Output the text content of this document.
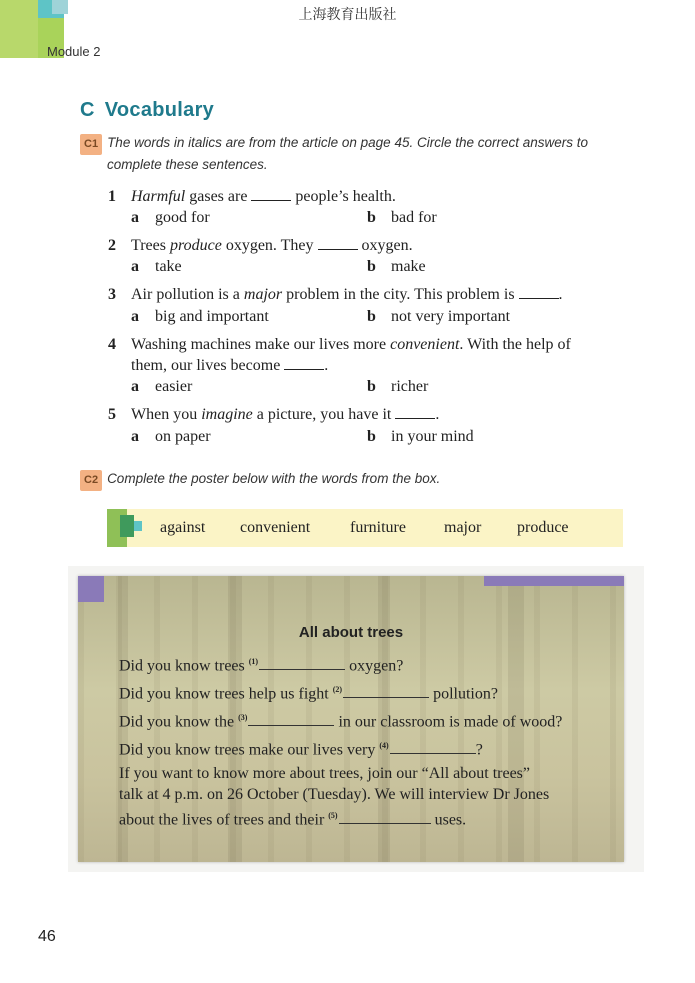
上海教育出版社
Module 2
C Vocabulary
C1 The words in italics are from the article on page 45. Circle the correct answers to
complete these sentences.
1 Harmful gases are	people’s health.
a good for	b bad for
2 Trees produce oxygen. They	oxygen.
a take	b make
3 Air pollution is a major problem in the city. This problem is	.
a big and important	b not very important
4 Washing machines make our lives more convenient. With the help of
them, our lives become	.
a easier	b richer
5 When you imagine a picture, you have it	.
a on paper	b in your mind
C2 Complete the poster below with the words from the box.
against convenient furniture major produce
All about trees
Did you know trees $^{(1)}$	oxygen?
Did you know trees help us fight $^{(2)}$	pollution?
Did you know the $^{(3)}$	in our classroom is made of wood?
Did you know trees make our lives very $^{(4)}$	?
If you want to know more about trees, join our “All about trees”
talk at 4 p.m. on 26 October (Tuesday). We will interview Dr Jones
about the lives of trees and their $^{(5)}$	uses.
46
